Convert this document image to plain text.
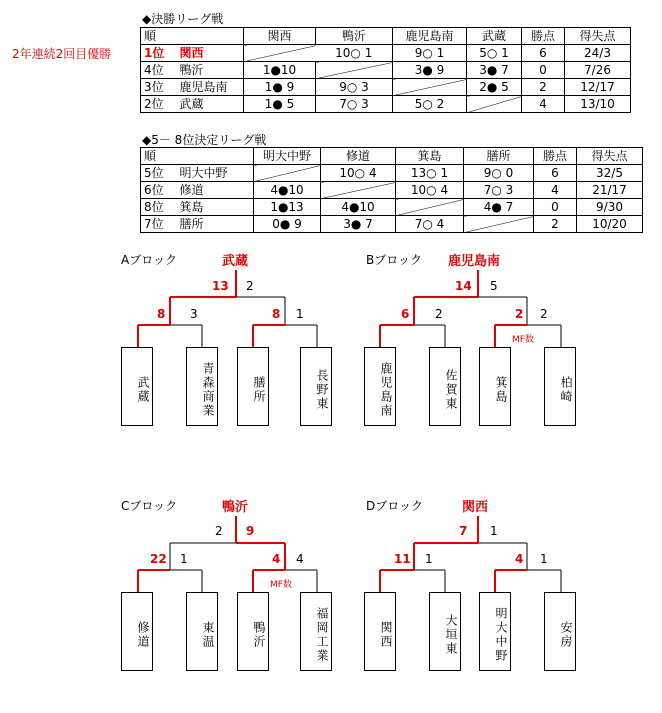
◆決勝リーグ戦
2年連続2回目優勝
順		関西	鴨沂	鹿児島南	武蔵	勝点	得失点
1位	関西		10○ 1	9○ 1	5○ 1	6	24/3
4位	鴨沂	1●10		3● 9	3● 7	0	7/26
3位	鹿児島南	1● 9	9○ 3		2● 5	2	12/17
2位	武蔵	1● 5	7○ 3	5○ 2		4	13/10
◆5－ 8位決定リーグ戦
順		明大中野	修道	箕島	膳所	勝点	得失点
5位	明大中野		10○ 4	13○ 1	9○ 0	6	32/5
6位	修道	4●10		10○ 4	7○ 3	4	21/17
8位	箕島	1●13	4●10		4● 7	0	9/30
7位	膳所	0● 9	3● 7	7○ 4		2	10/20
Aブロック	武蔵
13 2
8 3	8 1
武蔵	青森商業	膳所	長野東
Bブロック 鹿児島南
14 5
6 2	2 2
MF数
鹿児島南	佐賀東	箕島	柏崎
Cブロック	鴨沂
2 9
22 1	4 4
MF数
修道	東温	鴨沂	福岡工業
Dブロック	関西
7 1
11 1	4 1
関西	大垣東	明大中野	安房
